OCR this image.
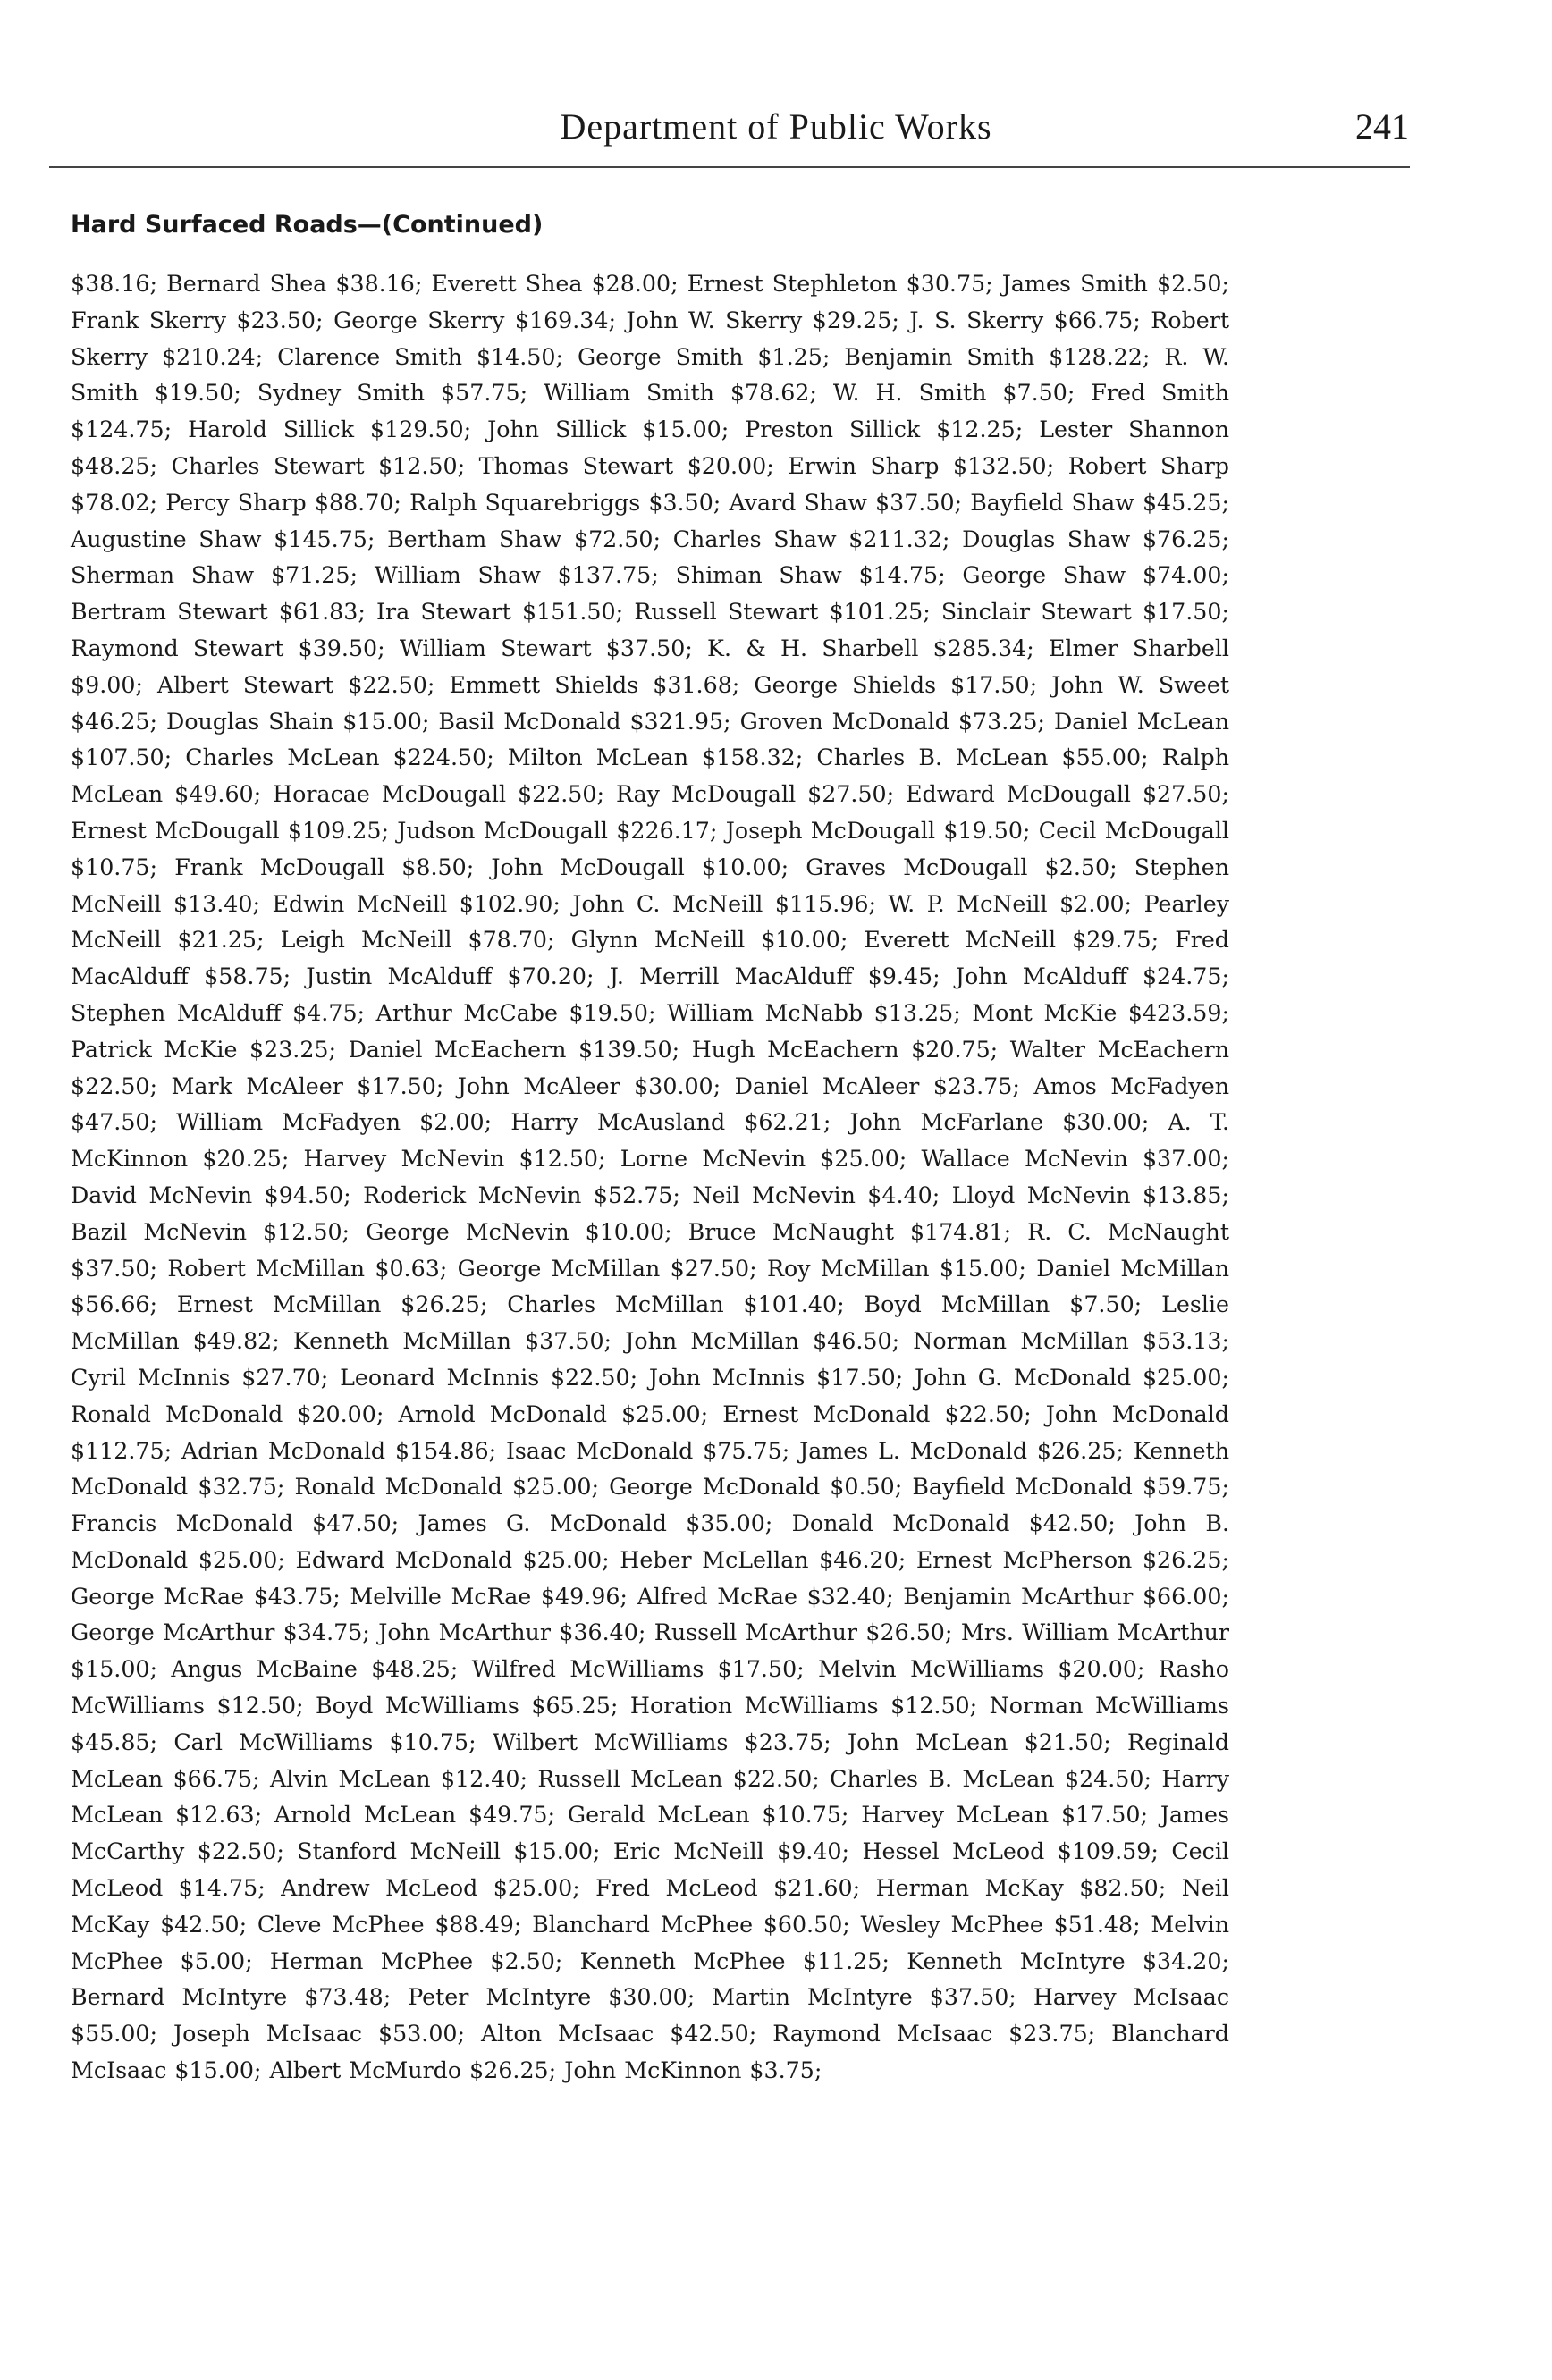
Department of Public Works	241
Hard Surfaced Roads—(Continued)

$38.16; Bernard Shea $38.16; Everett Shea $28.00; Ernest Stephleton $30.75; James Smith $2.50; Frank Skerry $23.50; George Skerry $169.34; John W. Skerry $29.25; J. S. Skerry $66.75; Robert Skerry $210.24; Clarence Smith $14.50; George Smith $1.25; Benjamin Smith $128.22; R. W. Smith $19.50; Sydney Smith $57.75; William Smith $78.62; W. H. Smith $7.50; Fred Smith $124.75; Harold Sillick $129.50; John Sillick $15.00; Preston Sillick $12.25; Lester Shannon $48.25; Charles Stewart $12.50; Thomas Stewart $20.00; Erwin Sharp $132.50; Robert Sharp $78.02; Percy Sharp $88.70; Ralph Squarebriggs $3.50; Avard Shaw $37.50; Bayfield Shaw $45.25; Augustine Shaw $145.75; Bertham Shaw $72.50; Charles Shaw $211.32; Douglas Shaw $76.25; Sherman Shaw $71.25; William Shaw $137.75; Shiman Shaw $14.75; George Shaw $74.00; Bertram Stewart $61.83; Ira Stewart $151.50; Russell Stewart $101.25; Sinclair Stewart $17.50; Raymond Stewart $39.50; William Stewart $37.50; K. & H. Sharbell $285.34; Elmer Sharbell $9.00; Albert Stewart $22.50; Emmett Shields $31.68; George Shields $17.50; John W. Sweet $46.25; Douglas Shain $15.00; Basil McDonald $321.95; Groven McDonald $73.25; Daniel McLean $107.50; Charles McLean $224.50; Milton McLean $158.32; Charles B. McLean $55.00; Ralph McLean $49.60; Horacae McDougall $22.50; Ray McDougall $27.50; Edward McDougall $27.50; Ernest McDougall $109.25; Judson McDougall $226.17; Joseph McDougall $19.50; Cecil McDougall $10.75; Frank McDougall $8.50; John McDougall $10.00; Graves McDougall $2.50; Stephen McNeill $13.40; Edwin McNeill $102.90; John C. McNeill $115.96; W. P. McNeill $2.00; Pearley McNeill $21.25; Leigh McNeill $78.70; Glynn McNeill $10.00; Everett McNeill $29.75; Fred MacAlduff $58.75; Justin McAlduff $70.20; J. Merrill MacAlduff $9.45; John McAlduff $24.75; Stephen McAlduff $4.75; Arthur McCabe $19.50; William McNabb $13.25; Mont McKie $423.59; Patrick McKie $23.25; Daniel McEachern $139.50; Hugh McEachern $20.75; Walter McEachern $22.50; Mark McAleer $17.50; John McAleer $30.00; Daniel McAleer $23.75; Amos McFadyen $47.50; William McFadyen $2.00; Harry McAusland $62.21; John McFarlane $30.00; A. T. McKinnon $20.25; Harvey McNevin $12.50; Lorne McNevin $25.00; Wallace McNevin $37.00; David McNevin $94.50; Roderick McNevin $52.75; Neil McNevin $4.40; Lloyd McNevin $13.85; Bazil McNevin $12.50; George McNevin $10.00; Bruce McNaught $174.81; R. C. McNaught $37.50; Robert McMillan $0.63; George McMillan $27.50; Roy McMillan $15.00; Daniel McMillan $56.66; Ernest McMillan $26.25; Charles McMillan $101.40; Boyd McMillan $7.50; Leslie McMillan $49.82; Kenneth McMillan $37.50; John McMillan $46.50; Norman McMillan $53.13; Cyril McInnis $27.70; Leonard McInnis $22.50; John McInnis $17.50; John G. McDonald $25.00; Ronald McDonald $20.00; Arnold McDonald $25.00; Ernest McDonald $22.50; John McDonald $112.75; Adrian McDonald $154.86; Isaac McDonald $75.75; James L. McDonald $26.25; Kenneth McDonald $32.75; Ronald McDonald $25.00; George McDonald $0.50; Bayfield McDonald $59.75; Francis McDonald $47.50; James G. McDonald $35.00; Donald McDonald $42.50; John B. McDonald $25.00; Edward McDonald $25.00; Heber McLellan $46.20; Ernest McPherson $26.25; George McRae $43.75; Melville McRae $49.96; Alfred McRae $32.40; Benjamin McArthur $66.00; George McArthur $34.75; John McArthur $36.40; Russell McArthur $26.50; Mrs. William McArthur $15.00; Angus McBaine $48.25; Wilfred McWilliams $17.50; Melvin McWilliams $20.00; Rasho McWilliams $12.50; Boyd McWilliams $65.25; Horation McWilliams $12.50; Norman McWilliams $45.85; Carl McWilliams $10.75; Wilbert McWilliams $23.75; John McLean $21.50; Reginald McLean $66.75; Alvin McLean $12.40; Russell McLean $22.50; Charles B. McLean $24.50; Harry McLean $12.63; Arnold McLean $49.75; Gerald McLean $10.75; Harvey McLean $17.50; James McCarthy $22.50; Stanford McNeill $15.00; Eric McNeill $9.40; Hessel McLeod $109.59; Cecil McLeod $14.75; Andrew McLeod $25.00; Fred McLeod $21.60; Herman McKay $82.50; Neil McKay $42.50; Cleve McPhee $88.49; Blanchard McPhee $60.50; Wesley McPhee $51.48; Melvin McPhee $5.00; Herman McPhee $2.50; Kenneth McPhee $11.25; Kenneth McIntyre $34.20; Bernard McIntyre $73.48; Peter McIntyre $30.00; Martin McIntyre $37.50; Harvey McIsaac $55.00; Joseph McIsaac $53.00; Alton McIsaac $42.50; Raymond McIsaac $23.75; Blanchard McIsaac $15.00; Albert McMurdo $26.25; John McKinnon $3.75;
